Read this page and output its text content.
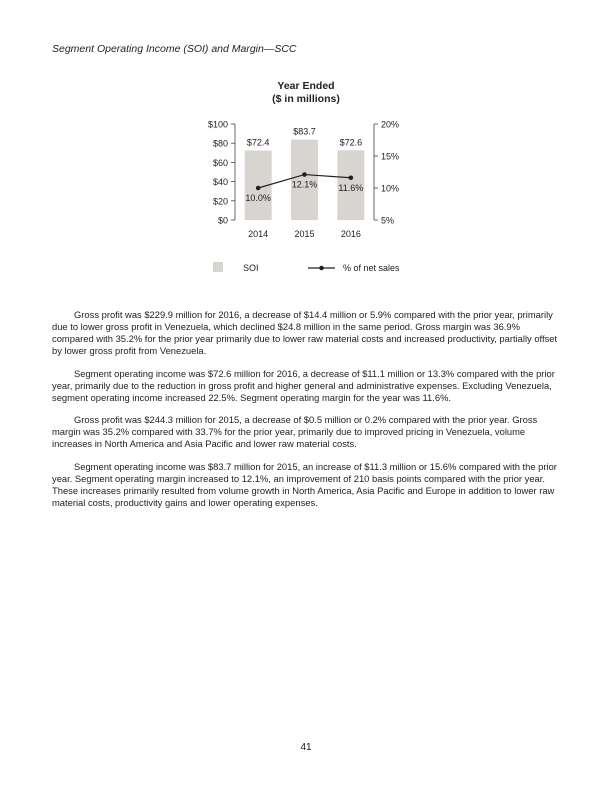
Segment Operating Income (SOI) and Margin—SCC
Year Ended
($ in millions)
$0
$20
$40
$60
$80
$100
5%
10%
15%
20%
$72.4
$83.7
$72.6
10.0%
12.1% 11.6%
2014	2015	2016
SOI	% of net sales

Gross profit was $229.9 million for 2016, a decrease of $14.4 million or 5.9% compared with the prior year, primarily due to lower gross profit in Venezuela, which declined $24.8 million in the same period. Gross margin was 36.9% compared with 35.2% for the prior year primarily due to lower raw material costs and increased productivity, partially offset by lower gross profit from Venezuela.

Segment operating income was $72.6 million for 2016, a decrease of $11.1 million or 13.3% compared with the prior year, primarily due to the reduction in gross profit and higher general and administrative expenses. Excluding Venezuela, segment operating income increased 22.5%. Segment operating margin for the year was 11.6%.

Gross profit was $244.3 million for 2015, a decrease of $0.5 million or 0.2% compared with the prior year. Gross margin was 35.2% compared with 33.7% for the prior year, primarily due to improved pricing in Venezuela, volume increases in North America and Asia Pacific and lower raw material costs.

Segment operating income was $83.7 million for 2015, an increase of $11.3 million or 15.6% compared with the prior year. Segment operating margin increased to 12.1%, an improvement of 210 basis points compared with the prior year. These increases primarily resulted from volume growth in North America, Asia Pacific and Europe in addition to lower raw material costs, productivity gains and lower operating expenses.

41
